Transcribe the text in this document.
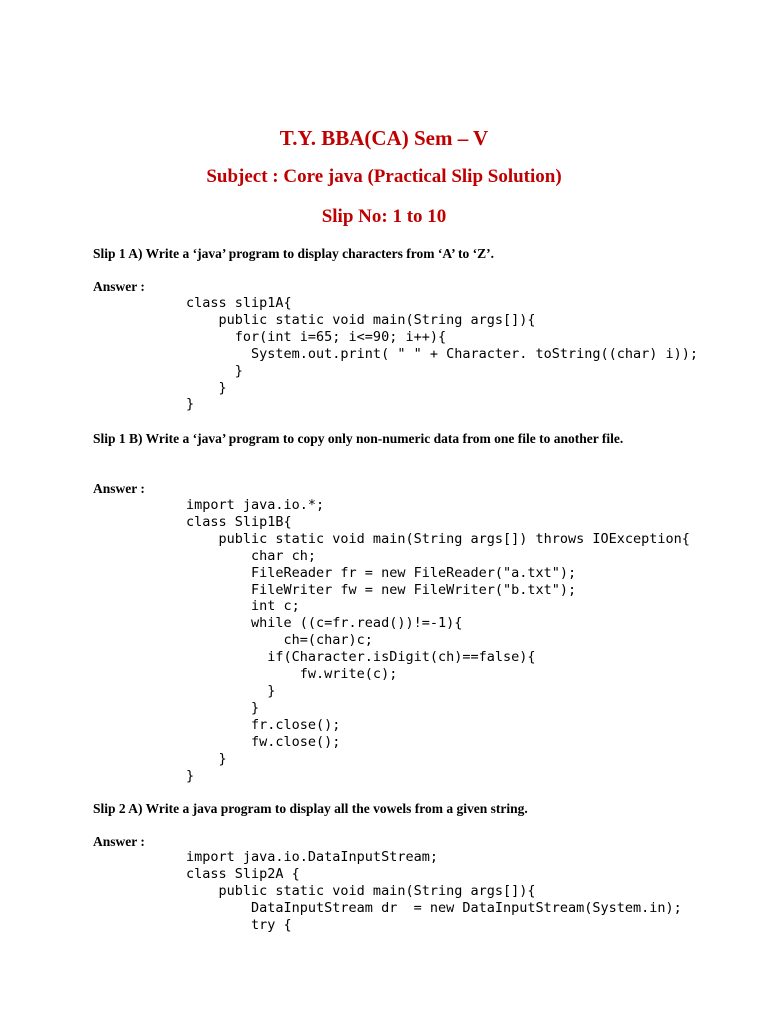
T.Y. BBA(CA) Sem – V

Subject : Core java (Practical Slip Solution)

Slip No: 1 to 10

Slip 1 A) Write a ‘java’ program to display characters from ‘A’ to ‘Z’.

Answer :

class slip1A{
public static void main(String args[]){
for(int i=65; i<=90; i++){
System.out.print( " " + Character. toString((char) i));
}
}
}

Slip 1 B) Write a ‘java’ program to copy only non-numeric data from one file to another file.

Answer :

import java.io.*;
class Slip1B{
public static void main(String args[]) throws IOException{
char ch;
FileReader fr = new FileReader("a.txt");
FileWriter fw = new FileWriter("b.txt");
int c;
while ((c=fr.read())!=-1){
ch=(char)c;
if(Character.isDigit(ch)==false){
fw.write(c);
}
}
fr.close();
fw.close();
}
}

Slip 2 A) Write a java program to display all the vowels from a given string.

Answer :

import java.io.DataInputStream;
class Slip2A {
public static void main(String args[]){
DataInputStream dr  = new DataInputStream(System.in);
try {
